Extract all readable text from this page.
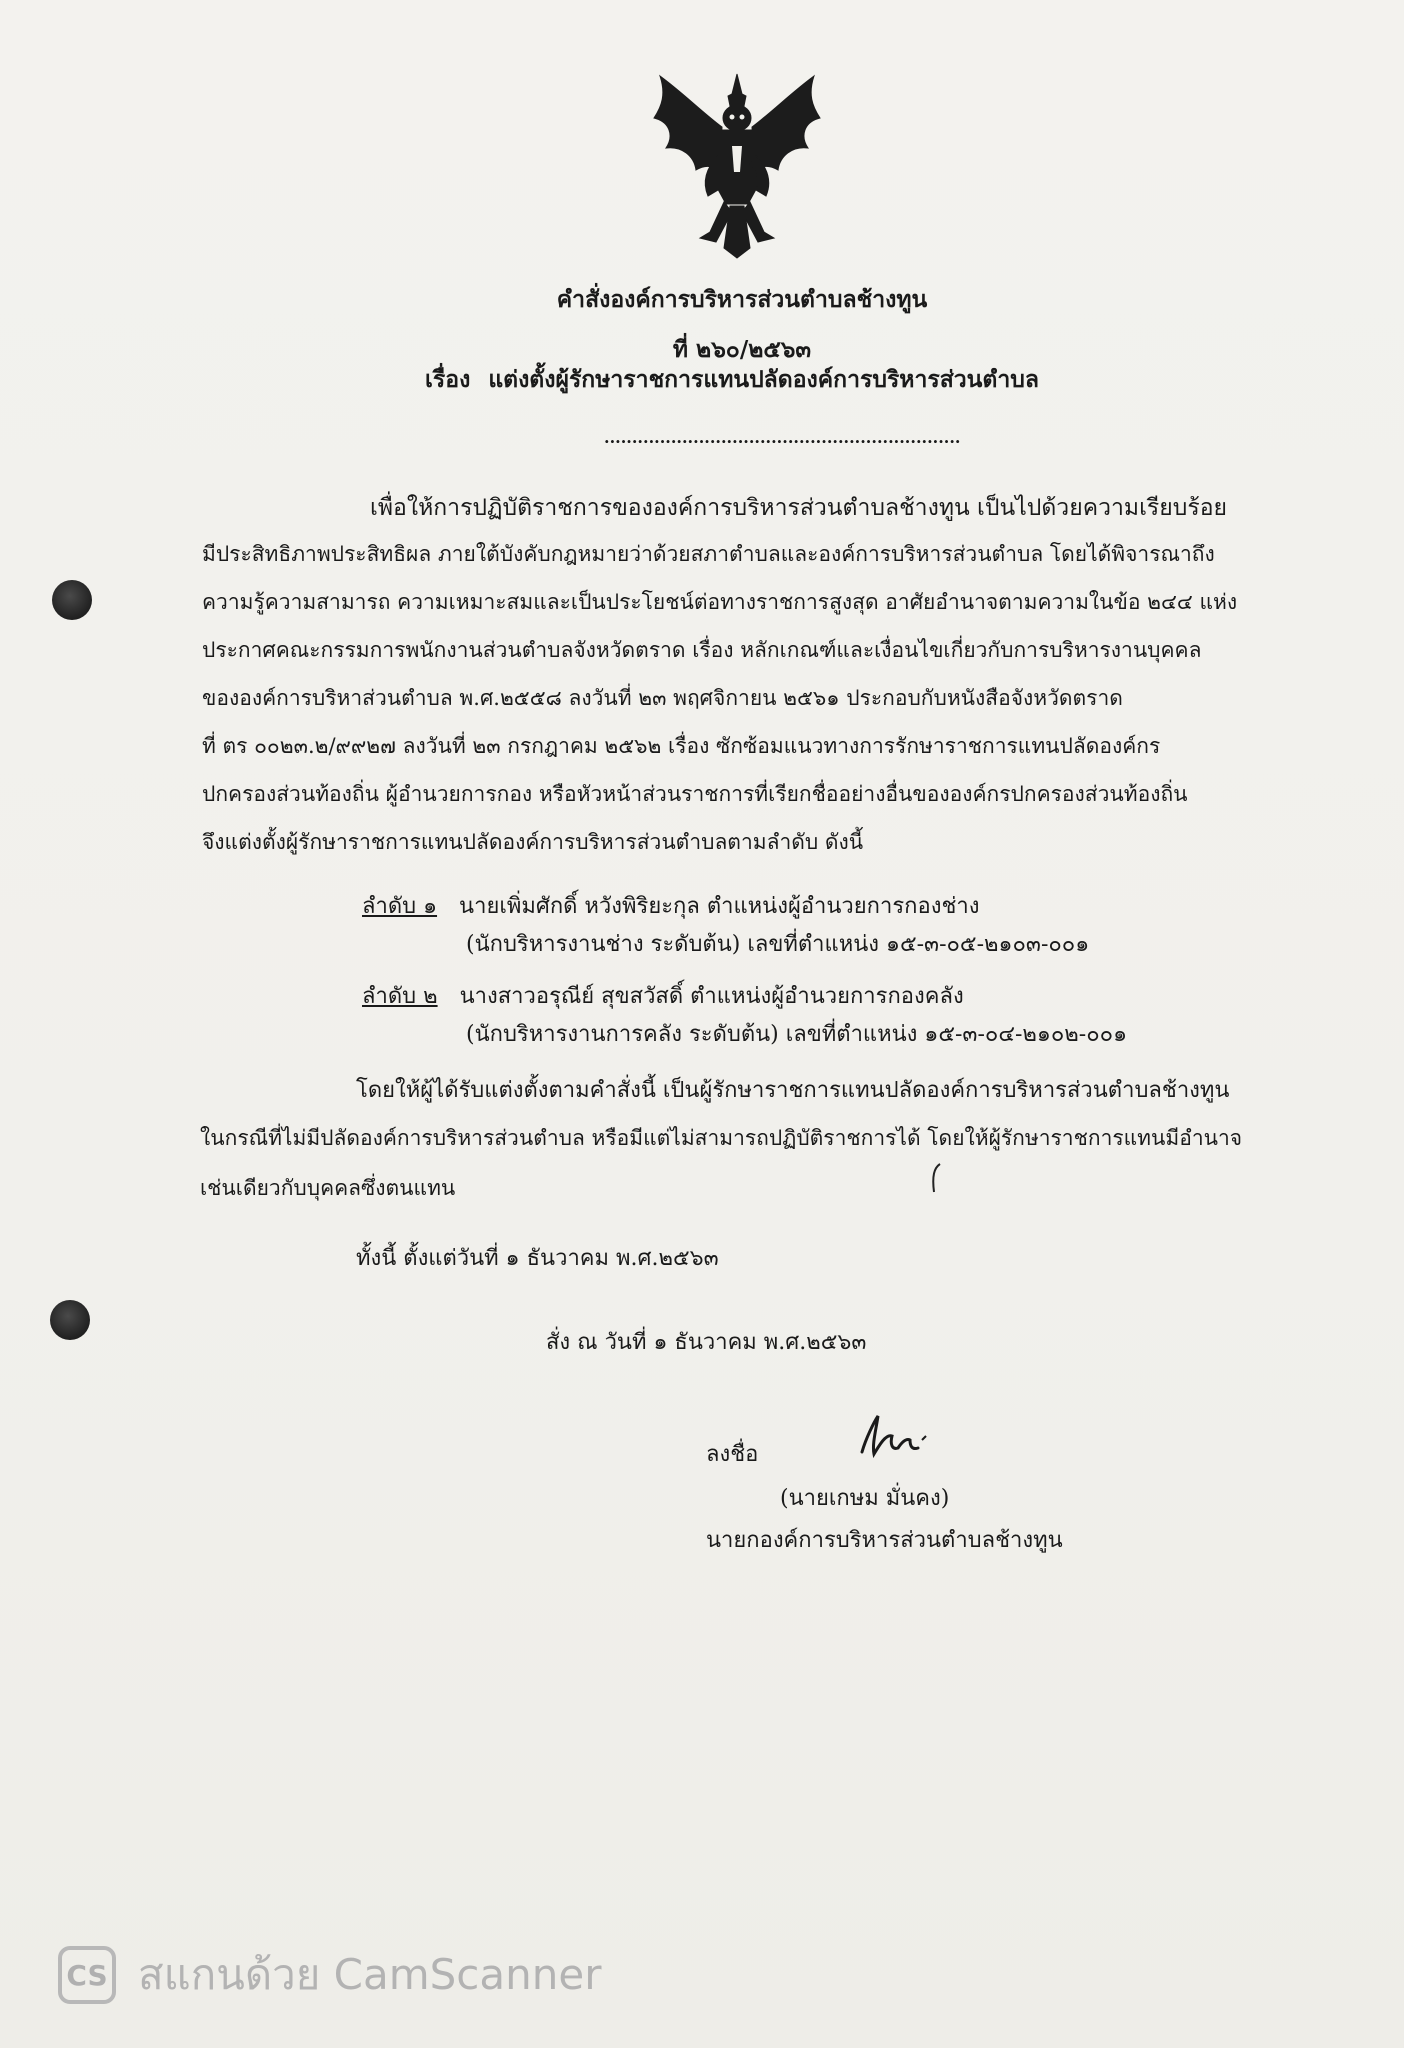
คำสั่งองค์การบริหารส่วนตำบลช้างทูน
ที่ ๒๖๐/๒๕๖๓
เรื่อง แต่งตั้งผู้รักษาราชการแทนปลัดองค์การบริหารส่วนตำบล
................................................................
เพื่อให้การปฏิบัติราชการขององค์การบริหารส่วนตำบลช้างทูน เป็นไปด้วยความเรียบร้อย
มีประสิทธิภาพประสิทธิผล ภายใต้บังคับกฎหมายว่าด้วยสภาตำบลและองค์การบริหารส่วนตำบล โดยได้พิจารณาถึง
ความรู้ความสามารถ ความเหมาะสมและเป็นประโยชน์ต่อทางราชการสูงสุด อาศัยอำนาจตามความในข้อ ๒๔๔ แห่ง
ประกาศคณะกรรมการพนักงานส่วนตำบลจังหวัดตราด เรื่อง หลักเกณฑ์และเงื่อนไขเกี่ยวกับการบริหารงานบุคคล
ขององค์การบริหาส่วนตำบล พ.ศ.๒๕๕๘ ลงวันที่ ๒๓ พฤศจิกายน ๒๕๖๑ ประกอบกับหนังสือจังหวัดตราด
ที่ ตร ๐๐๒๓.๒/๙๙๒๗ ลงวันที่ ๒๓ กรกฎาคม ๒๕๖๒ เรื่อง ซักซ้อมแนวทางการรักษาราชการแทนปลัดองค์กร
ปกครองส่วนท้องถิ่น ผู้อำนวยการกอง หรือหัวหน้าส่วนราชการที่เรียกชื่ออย่างอื่นขององค์กรปกครองส่วนท้องถิ่น
จึงแต่งตั้งผู้รักษาราชการแทนปลัดองค์การบริหารส่วนตำบลตามลำดับ ดังนี้
ลำดับ ๑ นายเพิ่มศักดิ์ หวังพิริยะกุล ตำแหน่งผู้อำนวยการกองช่าง
(นักบริหารงานช่าง ระดับต้น) เลขที่ตำแหน่ง ๑๕-๓-๐๕-๒๑๐๓-๐๐๑
ลำดับ ๒ นางสาวอรุณีย์ สุขสวัสดิ์ ตำแหน่งผู้อำนวยการกองคลัง
(นักบริหารงานการคลัง ระดับต้น) เลขที่ตำแหน่ง ๑๕-๓-๐๔-๒๑๐๒-๐๐๑
โดยให้ผู้ได้รับแต่งตั้งตามคำสั่งนี้ เป็นผู้รักษาราชการแทนปลัดองค์การบริหารส่วนตำบลช้างทูน
ในกรณีที่ไม่มีปลัดองค์การบริหารส่วนตำบล หรือมีแต่ไม่สามารถปฏิบัติราชการได้ โดยให้ผู้รักษาราชการแทนมีอำนาจ
เช่นเดียวกับบุคคลซึ่งตนแทน
ทั้งนี้ ตั้งแต่วันที่ ๑ ธันวาคม พ.ศ.๒๕๖๓
สั่ง ณ วันที่ ๑ ธันวาคม พ.ศ.๒๕๖๓
ลงชื่อ
(นายเกษม มั่นคง)
นายกองค์การบริหารส่วนตำบลช้างทูน
CS สแกนด้วย CamScanner
